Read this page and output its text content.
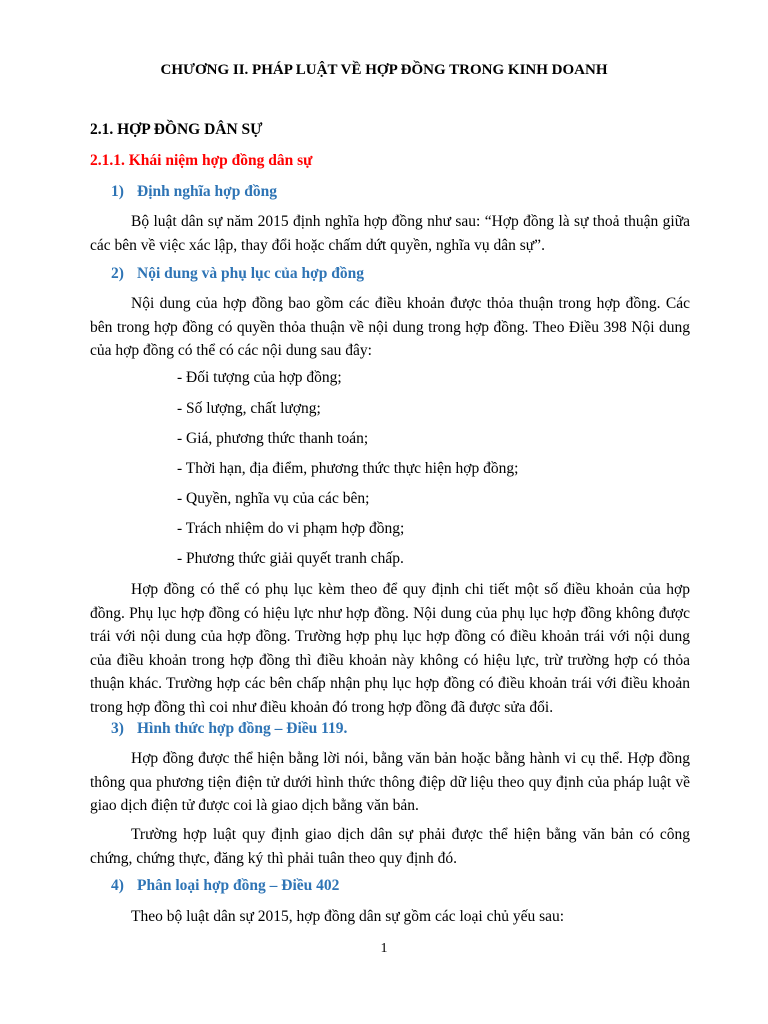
CHƯƠNG II. PHÁP LUẬT VỀ HỢP ĐỒNG TRONG KINH DOANH

2.1. HỢP ĐỒNG DÂN SỰ

2.1.1. Khái niệm hợp đồng dân sự

1) Định nghĩa hợp đồng

Bộ luật dân sự năm 2015 định nghĩa hợp đồng như sau: “Hợp đồng là sự thoả thuận giữa các bên về việc xác lập, thay đổi hoặc chấm dứt quyền, nghĩa vụ dân sự”.

2) Nội dung và phụ lục của hợp đồng

Nội dung của hợp đồng bao gồm các điều khoản được thỏa thuận trong hợp đồng. Các bên trong hợp đồng có quyền thỏa thuận về nội dung trong hợp đồng. Theo Điều 398 Nội dung của hợp đồng có thể có các nội dung sau đây:

- Đối tượng của hợp đồng;

- Số lượng, chất lượng;

- Giá, phương thức thanh toán;

- Thời hạn, địa điểm, phương thức thực hiện hợp đồng;

- Quyền, nghĩa vụ của các bên;

- Trách nhiệm do vi phạm hợp đồng;

- Phương thức giải quyết tranh chấp.

Hợp đồng có thể có phụ lục kèm theo để quy định chi tiết một số điều khoản của hợp đồng. Phụ lục hợp đồng có hiệu lực như hợp đồng. Nội dung của phụ lục hợp đồng không được trái với nội dung của hợp đồng. Trường hợp phụ lục hợp đồng có điều khoản trái với nội dung của điều khoản trong hợp đồng thì điều khoản này không có hiệu lực, trừ trường hợp có thỏa thuận khác. Trường hợp các bên chấp nhận phụ lục hợp đồng có điều khoản trái với điều khoản trong hợp đồng thì coi như điều khoản đó trong hợp đồng đã được sửa đổi.

3) Hình thức hợp đồng – Điều 119.

Hợp đồng được thể hiện bằng lời nói, bằng văn bản hoặc bằng hành vi cụ thể. Hợp đồng thông qua phương tiện điện tử dưới hình thức thông điệp dữ liệu theo quy định của pháp luật về giao dịch điện tử được coi là giao dịch bằng văn bản.

Trường hợp luật quy định giao dịch dân sự phải được thể hiện bằng văn bản có công chứng, chứng thực, đăng ký thì phải tuân theo quy định đó.

4) Phân loại hợp đồng – Điều 402

Theo bộ luật dân sự 2015, hợp đồng dân sự gồm các loại chủ yếu sau:

1
